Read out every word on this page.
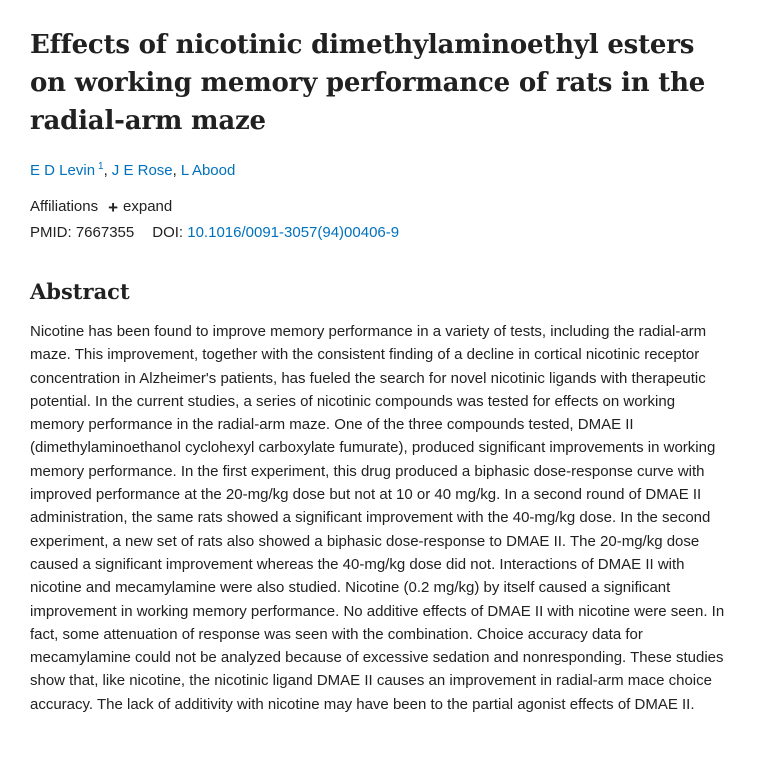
Effects of nicotinic dimethylaminoethyl esters on working memory performance of rats in the radial-arm maze
E D Levin $^1$, J E Rose, L Abood
Affiliations + expand
PMID: 7667355 DOI: 10.1016/0091-3057(94)00406-9
Abstract

Nicotine has been found to improve memory performance in a variety of tests, including the radial-arm maze. This improvement, together with the consistent finding of a decline in cortical nicotinic receptor concentration in Alzheimer's patients, has fueled the search for novel nicotinic ligands with therapeutic potential. In the current studies, a series of nicotinic compounds was tested for effects on working memory performance in the radial-arm maze. One of the three compounds tested, DMAE II (dimethylaminoethanol cyclohexyl carboxylate fumurate), produced significant improvements in working memory performance. In the first experiment, this drug produced a biphasic dose-response curve with improved performance at the 20-mg/kg dose but not at 10 or 40 mg/kg. In a second round of DMAE II administration, the same rats showed a significant improvement with the 40-mg/kg dose. In the second experiment, a new set of rats also showed a biphasic dose-response to DMAE II. The 20-mg/kg dose caused a significant improvement whereas the 40-mg/kg dose did not. Interactions of DMAE II with nicotine and mecamylamine were also studied. Nicotine (0.2 mg/kg) by itself caused a significant improvement in working memory performance. No additive effects of DMAE II with nicotine were seen. In fact, some attenuation of response was seen with the combination. Choice accuracy data for mecamylamine could not be analyzed because of excessive sedation and nonresponding. These studies show that, like nicotine, the nicotinic ligand DMAE II causes an improvement in radial-arm mace choice accuracy. The lack of additivity with nicotine may have been to the partial agonist effects of DMAE II.
